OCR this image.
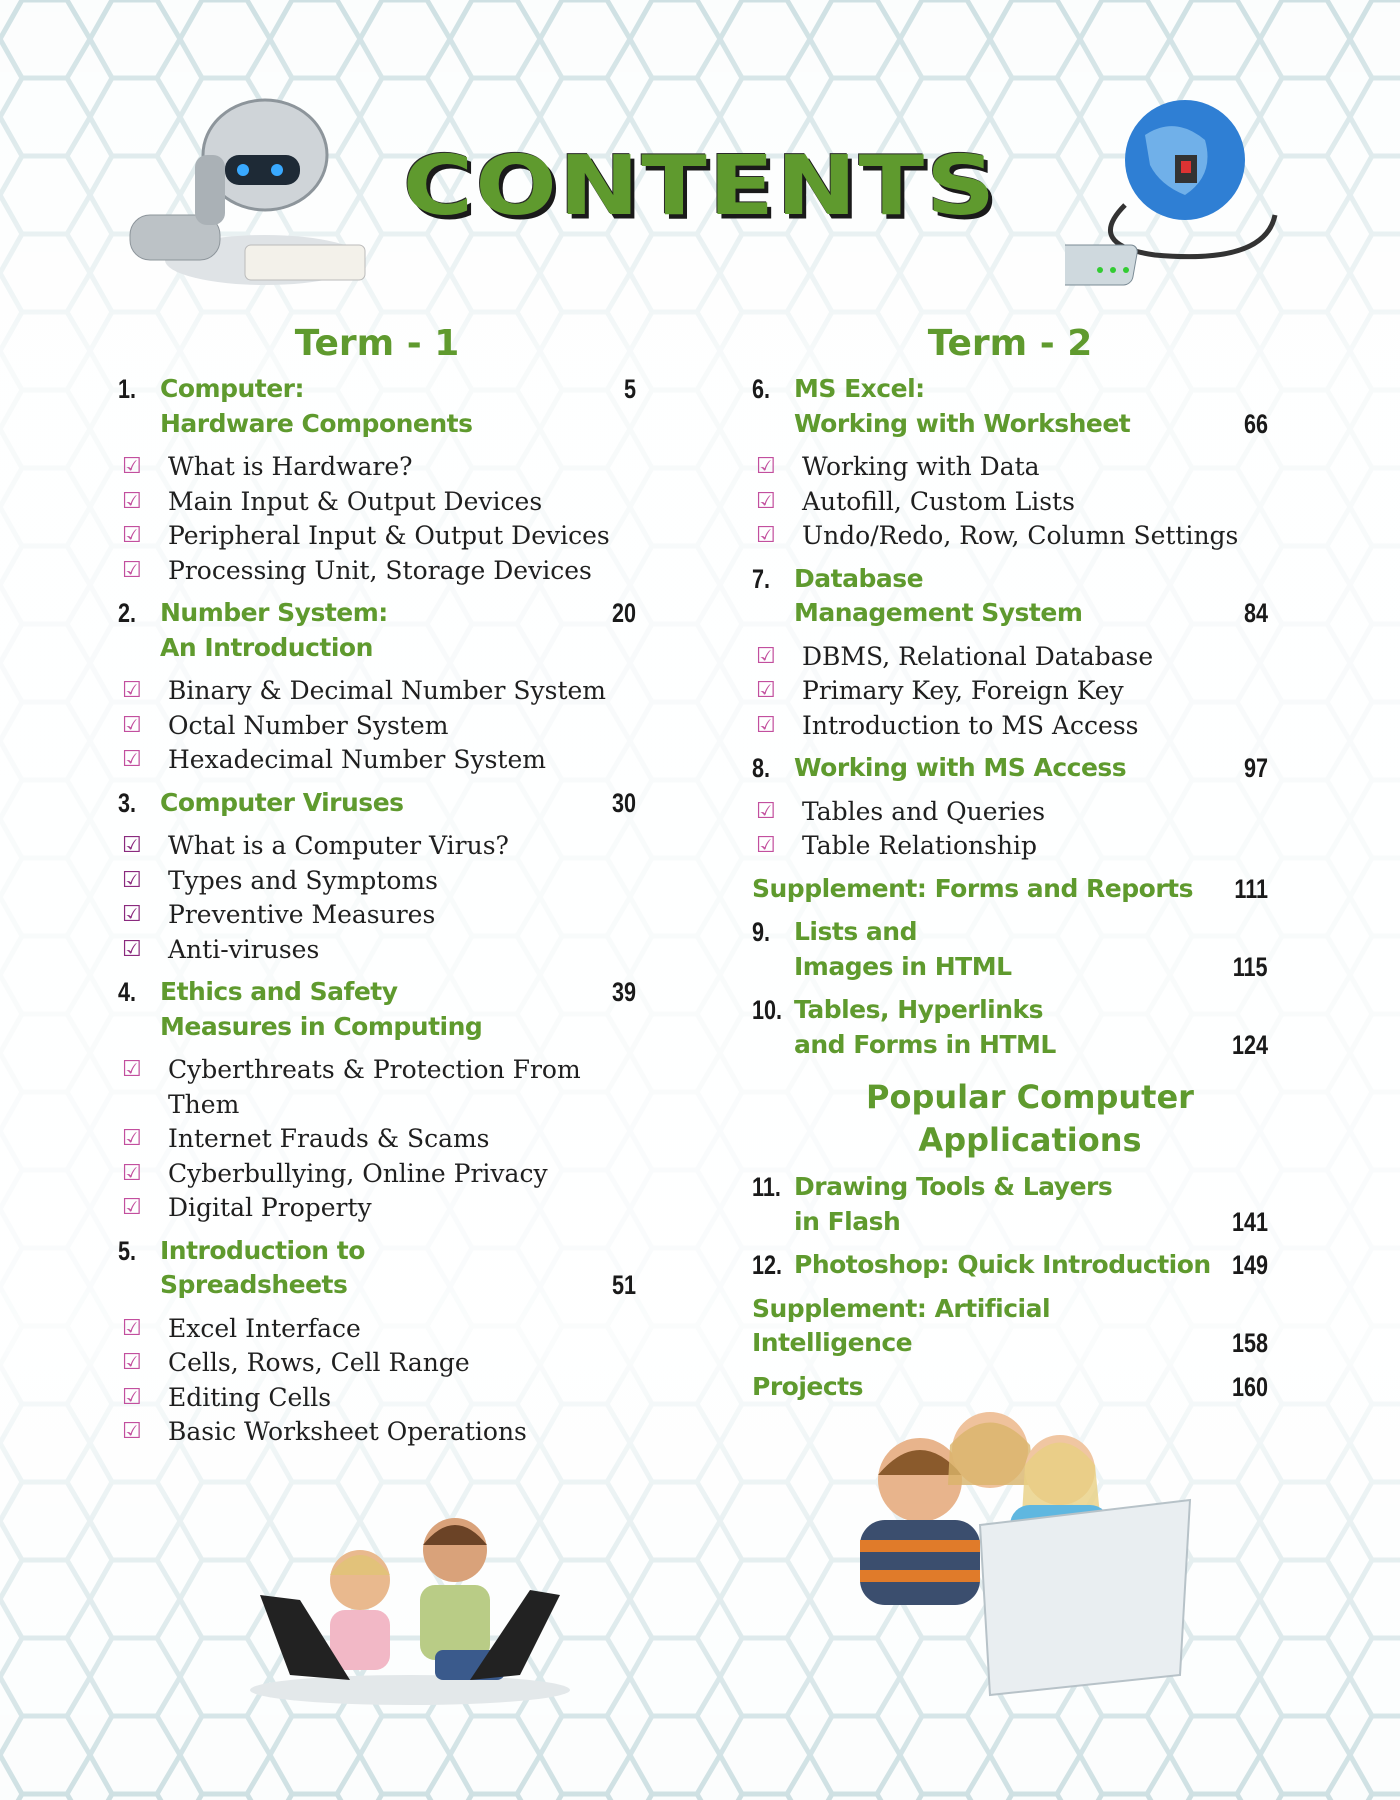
CONTENTS
Term - 1
1. Computer:
Hardware Components
5
☑	What is Hardware?
☑	Main Input & Output Devices
☑	Peripheral Input & Output Devices
☑	Processing Unit, Storage Devices
2. Number System:
An Introduction
20
☑	Binary & Decimal Number System
☑	Octal Number System
☑	Hexadecimal Number System
3. Computer Viruses	30
☑	What is a Computer Virus?
☑	Types and Symptoms
☑	Preventive Measures
☑	Anti-viruses
4. Ethics and Safety
Measures in Computing
39
☑	Cyberthreats & Protection From Them
☑	Internet Frauds & Scams
☑	Cyberbullying, Online Privacy
☑	Digital Property
5. Introduction to
Spreadsheets	51
☑	Excel Interface
☑	Cells, Rows, Cell Range
☑	Editing Cells
☑	Basic Worksheet Operations
Term - 2
6. MS Excel:
Working with Worksheet	66
☑	Working with Data
☑	Autofill, Custom Lists
☑	Undo/Redo, Row, Column Settings
7. Database
Management System	84
☑	DBMS, Relational Database
☑	Primary Key, Foreign Key
☑	Introduction to MS Access
8. Working with MS Access	97
☑	Tables and Queries
☑	Table Relationship
Supplement: Forms and Reports	111
9. Lists and
Images in HTML	115
10. Tables, Hyperlinks
and Forms in HTML	124
Popular Computer
Applications
11. Drawing Tools & Layers
in Flash	141
12. Photoshop: Quick Introduction 149
Supplement: Artificial
Intelligence	158
Projects	160
